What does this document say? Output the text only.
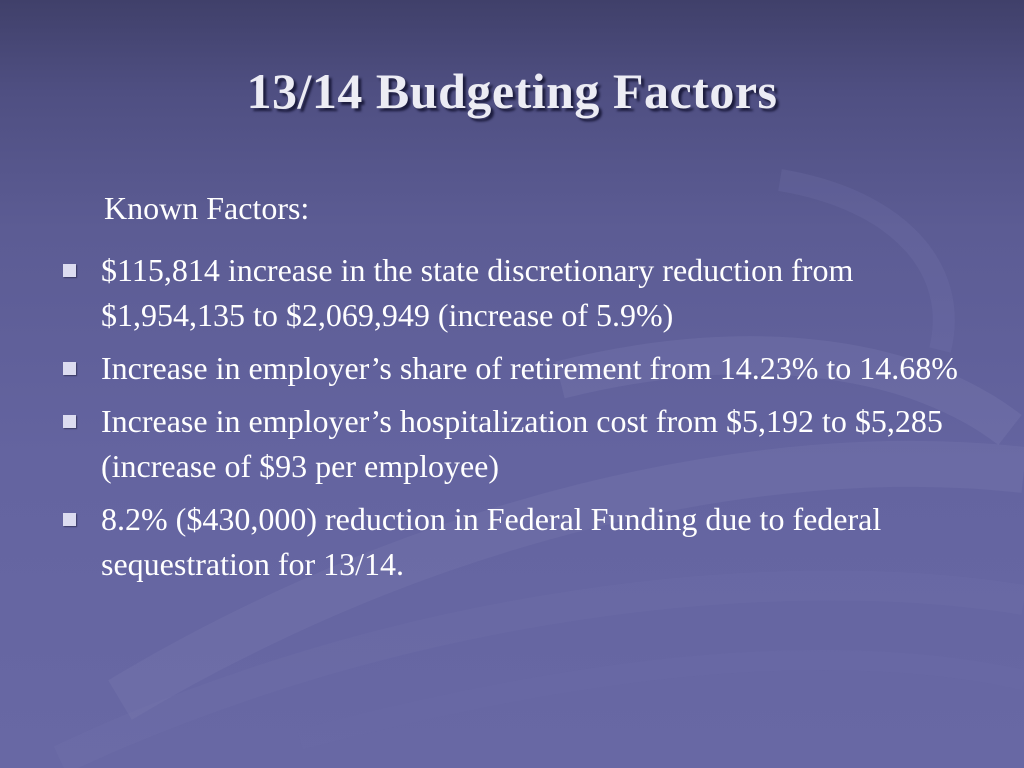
13/14 Budgeting Factors
Known Factors:
$115,814 increase in the state discretionary reduction from $1,954,135 to $2,069,949 (increase of 5.9%)
Increase in employer’s share of retirement from 14.23% to 14.68%
Increase in employer’s hospitalization cost from $5,192 to $5,285 (increase of $93 per employee)
8.2% ($430,000) reduction in Federal Funding due to federal sequestration for 13/14.
